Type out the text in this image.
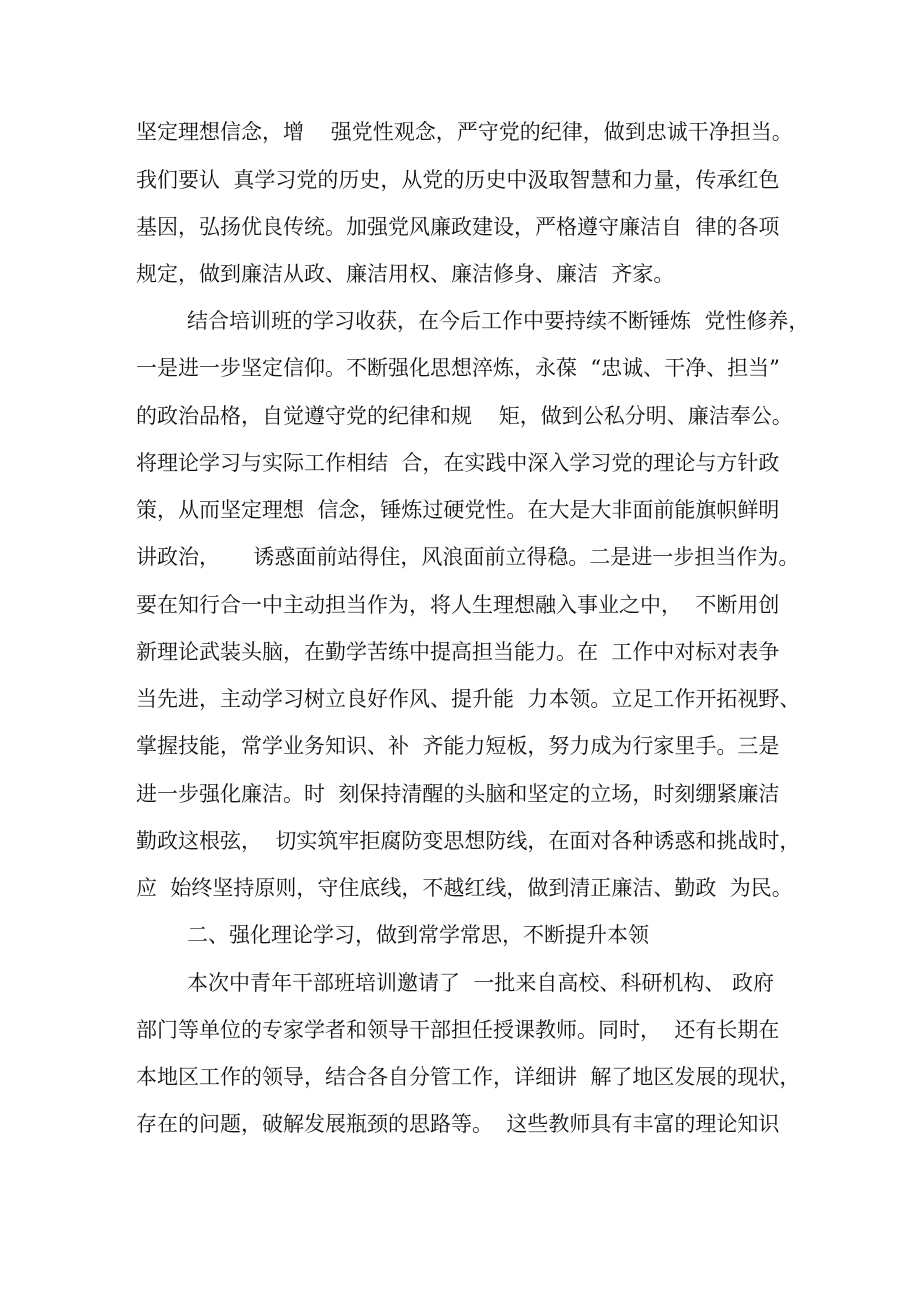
坚定理想信念，增    强党性观念，严守党的纪律，做到忠诚干净担当。
我们要认  真学习党的历史，从党的历史中汲取智慧和力量，传承红色
基因，弘扬优良传统。加强党风廉政建设，严格遵守廉洁自  律的各项
规定，做到廉洁从政、廉洁用权、廉洁修身、廉洁  齐家。
结合培训班的学习收获，在今后工作中要持续不断锤炼  党性修养，
一是进一步坚定信仰。不断强化思想淬炼，永葆  “忠诚、干净、担当”
的政治品格，自觉遵守党的纪律和规    矩，做到公私分明、廉洁奉公。
将理论学习与实际工作相结  合，在实践中深入学习党的理论与方针政
策，从而坚定理想  信念，锤炼过硬党性。在大是大非面前能旗帜鲜明
讲政治，     诱惑面前站得住，风浪面前立得稳。二是进一步担当作为。
要在知行合一中主动担当作为，将人生理想融入事业之中，  不断用创
新理论武装头脑，在勤学苦练中提高担当能力。在  工作中对标对表争
当先进，主动学习树立良好作风、提升能  力本领。立足工作开拓视野、
掌握技能，常学业务知识、补  齐能力短板，努力成为行家里手。三是
进一步强化廉洁。时  刻保持清醒的头脑和坚定的立场，时刻绷紧廉洁
勤政这根弦，  切实筑牢拒腐防变思想防线，在面对各种诱惑和挑战时，
应  始终坚持原则，守住底线，不越红线，做到清正廉洁、勤政  为民。
二、强化理论学习，做到常学常思，不断提升本领
本次中青年干部班培训邀请了  一批来自高校、科研机构、 政府
部门等单位的专家学者和领导干部担任授课教师。同时，  还有长期在
本地区工作的领导，结合各自分管工作，详细讲  解了地区发展的现状，
存在的问题，破解发展瓶颈的思路等。  这些教师具有丰富的理论知识
